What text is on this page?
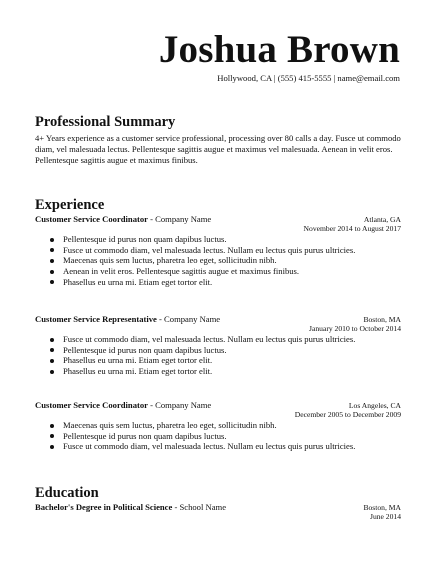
Joshua Brown
Hollywood, CA | (555) 415-5555 | name@email.com
Professional Summary
4+ Years experience as a customer service professional, processing over 80 calls a day. Fusce ut commodo diam, vel malesuada lectus. Pellentesque sagittis augue et maximus vel malesuada. Aenean in velit eros. Pellentesque sagittis augue et maximus finibus.
Experience
Customer Service Coordinator - Company Name	Atlanta, GA
November 2014 to August 2017
Pellentesque id purus non quam dapibus luctus.
Fusce ut commodo diam, vel malesuada lectus. Nullam eu lectus quis purus ultricies.
Maecenas quis sem luctus, pharetra leo eget, sollicitudin nibh.
Aenean in velit eros. Pellentesque sagittis augue et maximus finibus.
Phasellus eu urna mi. Etiam eget tortor elit.
Customer Service Representative - Company Name	Boston, MA
January 2010 to October 2014
Fusce ut commodo diam, vel malesuada lectus. Nullam eu lectus quis purus ultricies.
Pellentesque id purus non quam dapibus luctus.
Phasellus eu urna mi. Etiam eget tortor elit.
Phasellus eu urna mi. Etiam eget tortor elit.
Customer Service Coordinator - Company Name	Los Angeles, CA
December 2005 to December 2009
Maecenas quis sem luctus, pharetra leo eget, sollicitudin nibh.
Pellentesque id purus non quam dapibus luctus.
Fusce ut commodo diam, vel malesuada lectus. Nullam eu lectus quis purus ultricies.
Education
Bachelor's Degree in Political Science - School Name	Boston, MA
June 2014
